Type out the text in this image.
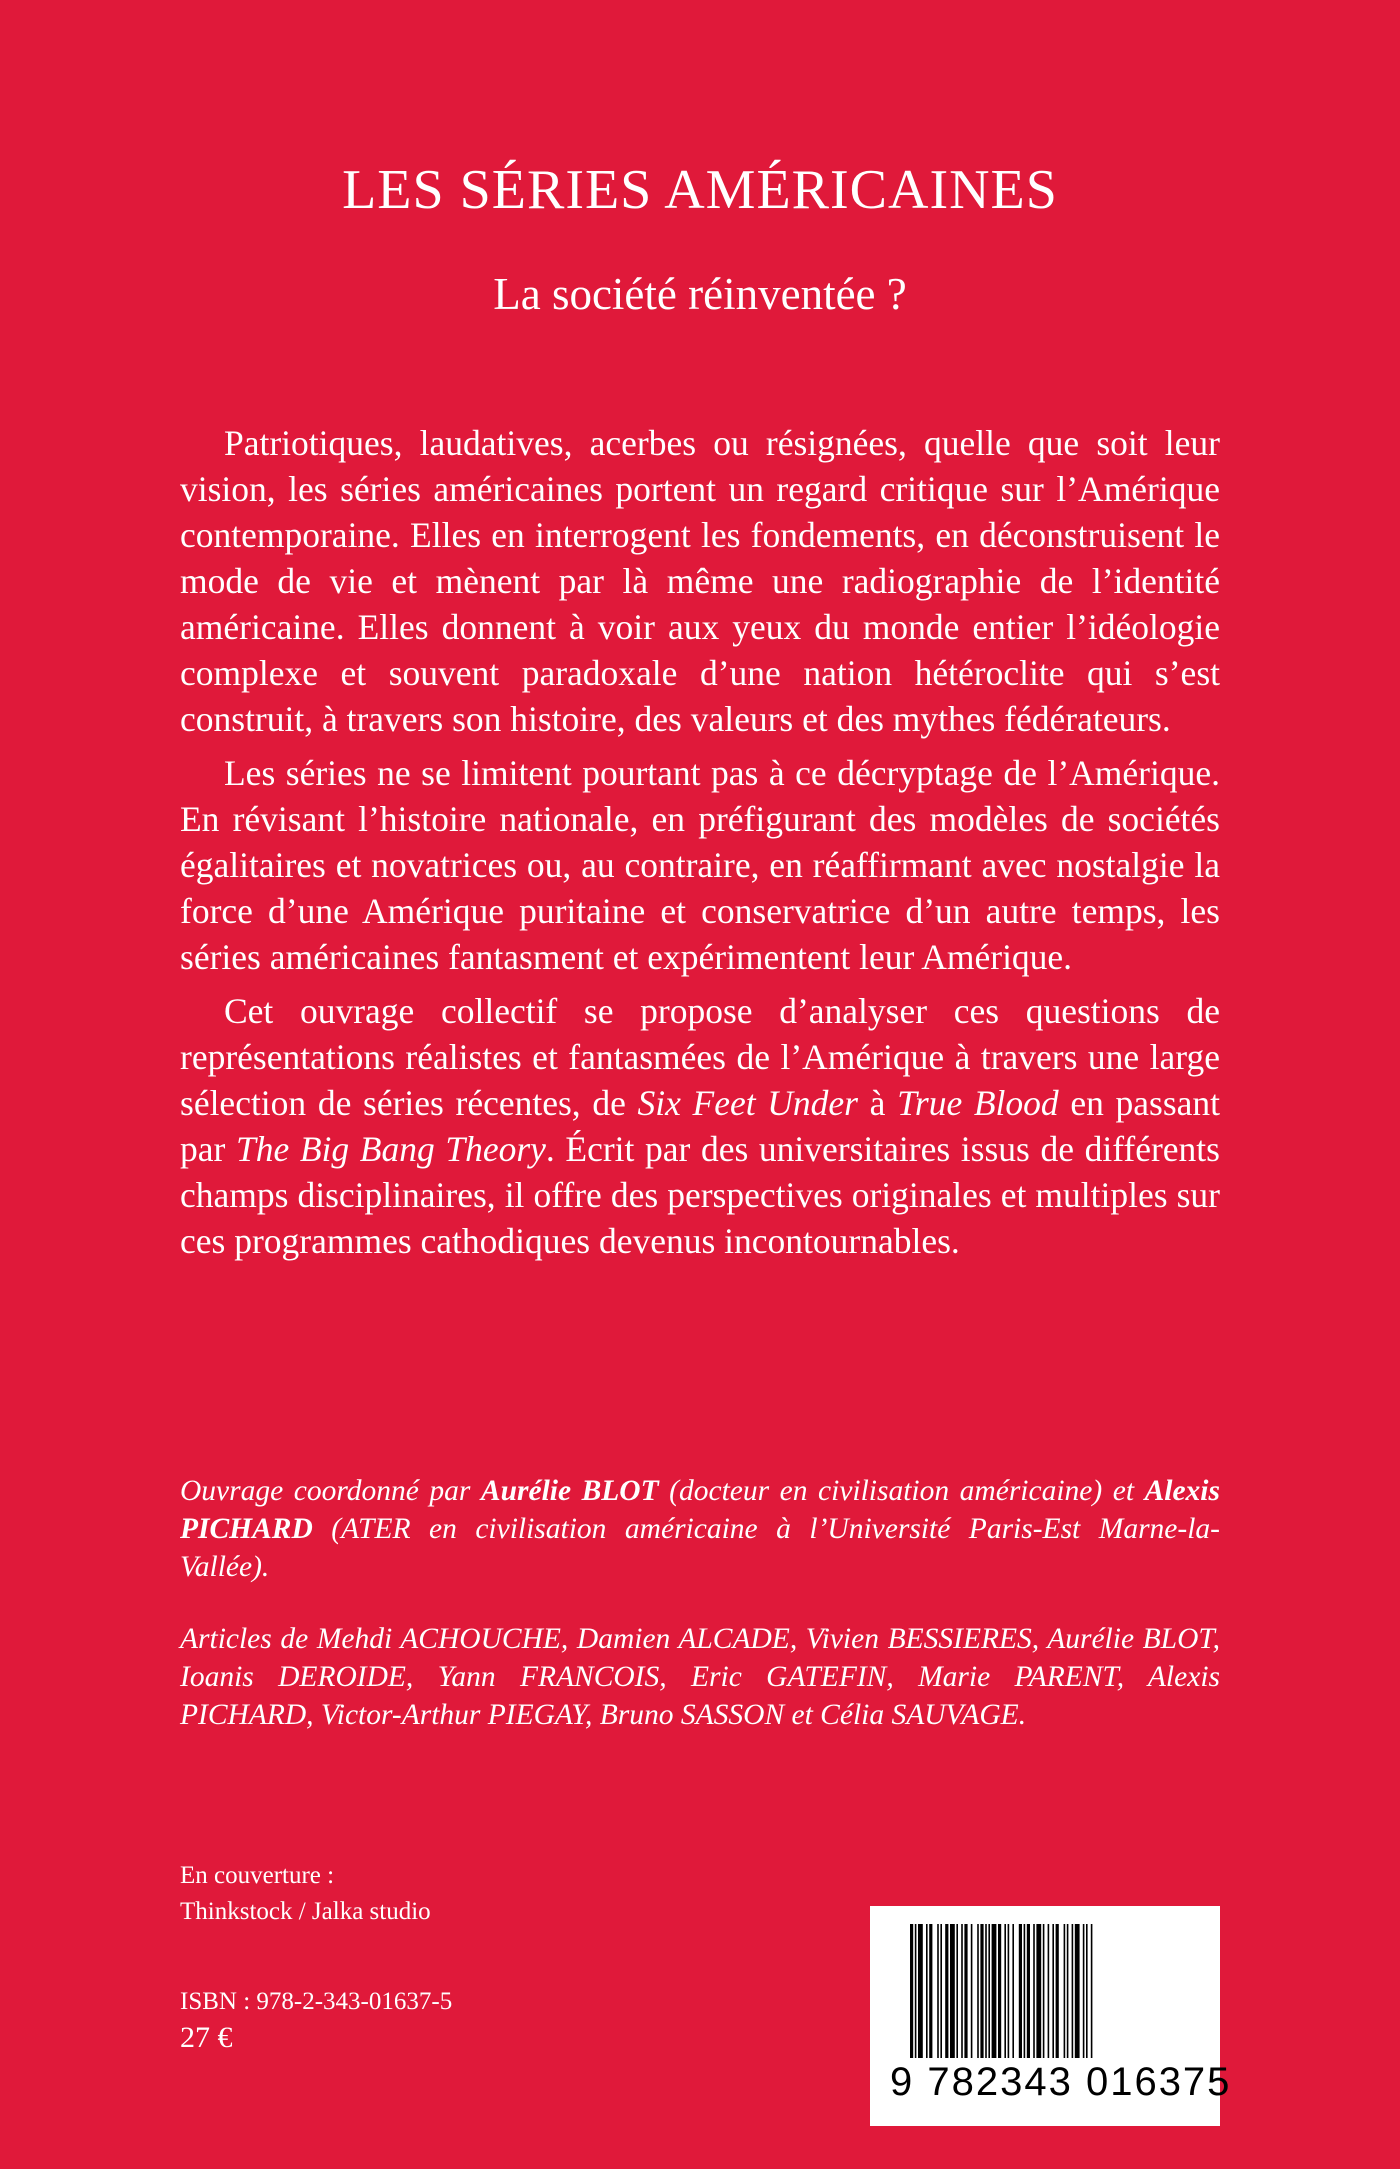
LES SÉRIES AMÉRICAINES
La société réinventée ?

Patriotiques, laudatives, acerbes ou résignées, quelle que soit leur vision, les séries américaines portent un regard critique sur l’Amérique contemporaine. Elles en interrogent les fondements, en déconstruisent le mode de vie et mènent par là même une radiographie de l’identité américaine. Elles donnent à voir aux yeux du monde entier l’idéologie complexe et souvent paradoxale d’une nation hétéroclite qui s’est construit, à travers son histoire, des valeurs et des mythes fédérateurs.

Les séries ne se limitent pourtant pas à ce décryptage de l’Amérique. En révisant l’histoire nationale, en préfigurant des modèles de sociétés égalitaires et novatrices ou, au contraire, en réaffirmant avec nostalgie la force d’une Amérique puritaine et conservatrice d’un autre temps, les séries américaines fantasment et expérimentent leur Amérique.

Cet ouvrage collectif se propose d’analyser ces questions de représentations réalistes et fantasmées de l’Amérique à travers une large sélection de séries récentes, de Six Feet Under à True Blood en passant par The Big Bang Theory. Écrit par des universitaires issus de différents champs disciplinaires, il offre des perspectives originales et multiples sur ces programmes cathodiques devenus incontournables.

Ouvrage coordonné par Aurélie BLOT (docteur en civilisation américaine) et Alexis PICHARD (ATER en civilisation américaine à l’Université Paris-Est Marne-la-Vallée).

Articles de Mehdi ACHOUCHE, Damien ALCADE, Vivien BESSIERES, Aurélie BLOT, Ioanis DEROIDE, Yann FRANCOIS, Eric GATEFIN, Marie PARENT, Alexis PICHARD, Victor-Arthur PIEGAY, Bruno SASSON et Célia SAUVAGE.

En couverture :
Thinkstock / Jalka studio
ISBN : 978-2-343-01637-5
27 €
9 782343 016375
